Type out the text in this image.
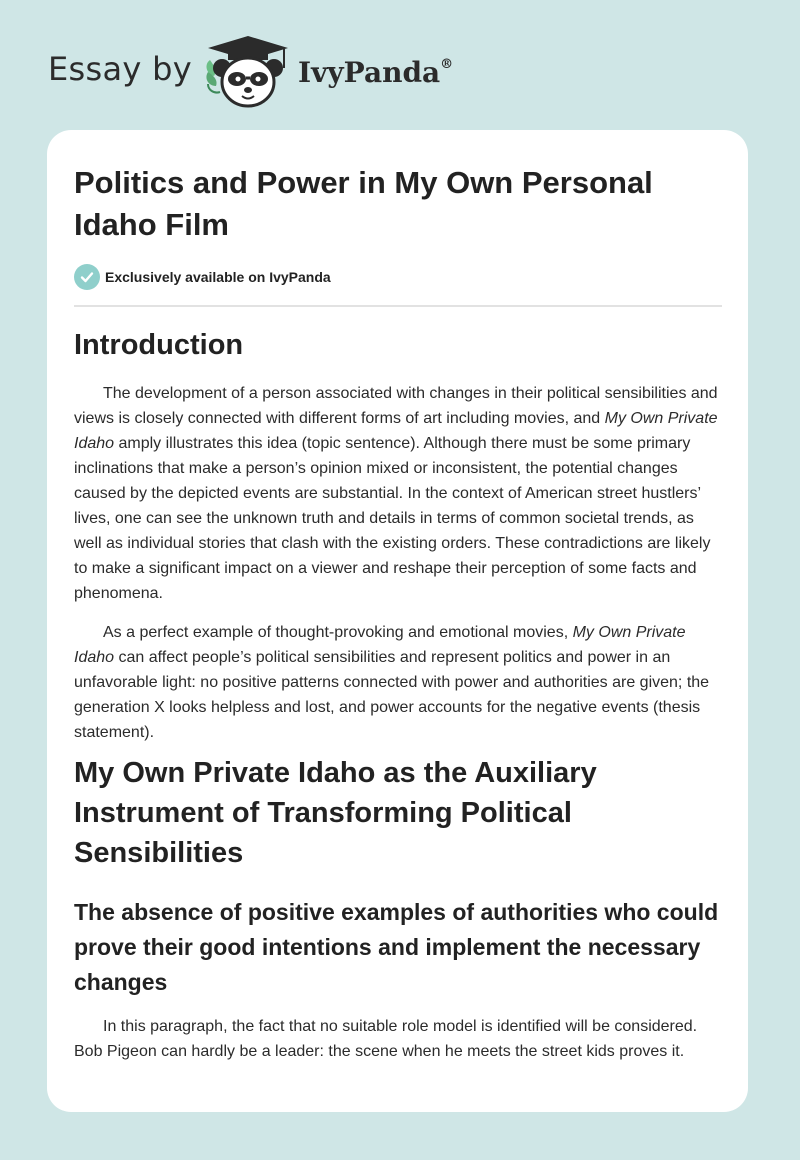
Essay by	IvyPanda®
Politics and Power in My Own Personal Idaho Film
Exclusively available on IvyPanda
Introduction

The development of a person associated with changes in their political sensibilities and views is closely connected with different forms of art including movies, and My Own Private Idaho amply illustrates this idea (topic sentence). Although there must be some primary inclinations that make a person’s opinion mixed or inconsistent, the potential changes caused by the depicted events are substantial. In the context of American street hustlers’ lives, one can see the unknown truth and details in terms of common societal trends, as well as individual stories that clash with the existing orders. These contradictions are likely to make a significant impact on a viewer and reshape their perception of some facts and phenomena.

As a perfect example of thought-provoking and emotional movies, My Own Private Idaho can affect people’s political sensibilities and represent politics and power in an unfavorable light: no positive patterns connected with power and authorities are given; the generation X looks helpless and lost, and power accounts for the negative events (thesis statement).

My Own Private Idaho as the Auxiliary Instrument of Transforming Political Sensibilities
The absence of positive examples of authorities who could prove their good intentions and implement the necessary changes

In this paragraph, the fact that no suitable role model is identified will be considered. Bob Pigeon can hardly be a leader: the scene when he meets the street kids proves it.
